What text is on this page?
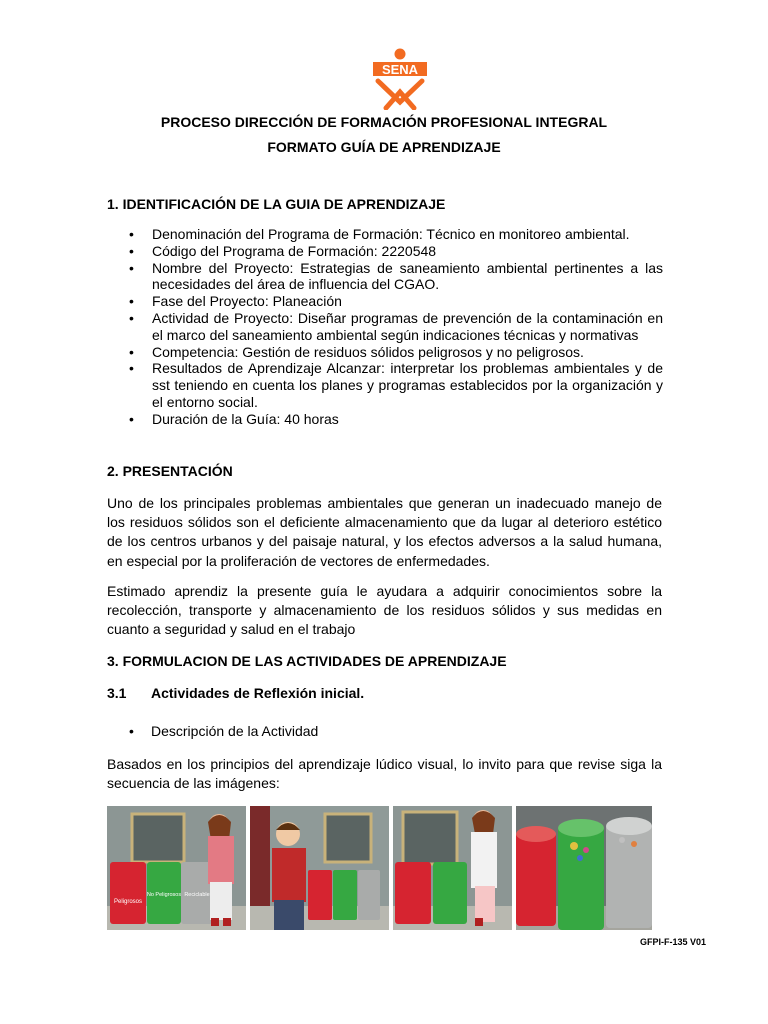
SENA
PROCESO DIRECCIÓN DE FORMACIÓN PROFESIONAL INTEGRAL
FORMATO GUÍA DE APRENDIZAJE
1. IDENTIFICACIÓN DE LA GUIA DE APRENDIZAJE
• Denominación del Programa de Formación: Técnico en monitoreo ambiental.
• Código del Programa de Formación: 2220548
• Nombre del Proyecto: Estrategias de saneamiento ambiental pertinentes a las necesidades del área de influencia del CGAO.
• Fase del Proyecto: Planeación
• Actividad de Proyecto: Diseñar programas de prevención de la contaminación en el marco del saneamiento ambiental según indicaciones técnicas y normativas
• Competencia: Gestión de residuos sólidos peligrosos y no peligrosos.
• Resultados de Aprendizaje Alcanzar: interpretar los problemas ambientales y de sst teniendo en cuenta los planes y programas establecidos por la organización y el entorno social.
• Duración de la Guía: 40 horas
2. PRESENTACIÓN

Uno de los principales problemas ambientales que generan un inadecuado manejo de los residuos sólidos son el deficiente almacenamiento que da lugar al deterioro estético de los centros urbanos y del paisaje natural, y los efectos adversos a la salud humana, en especial por la proliferación de vectores de enfermedades.

Estimado aprendiz la presente guía le ayudara a adquirir conocimientos sobre la recolección, transporte y almacenamiento de los residuos sólidos y sus medidas en cuanto a seguridad y salud en el trabajo

3. FORMULACION DE LAS ACTIVIDADES DE APRENDIZAJE
3.1 Actividades de Reflexión inicial.
• Descripción de la Actividad

Basados en los principios del aprendizaje lúdico visual, lo invito para que revise siga la secuencia de las imágenes:

Peligrosos
No Peligrosos Reciclable
GFPI-F-135 V01
